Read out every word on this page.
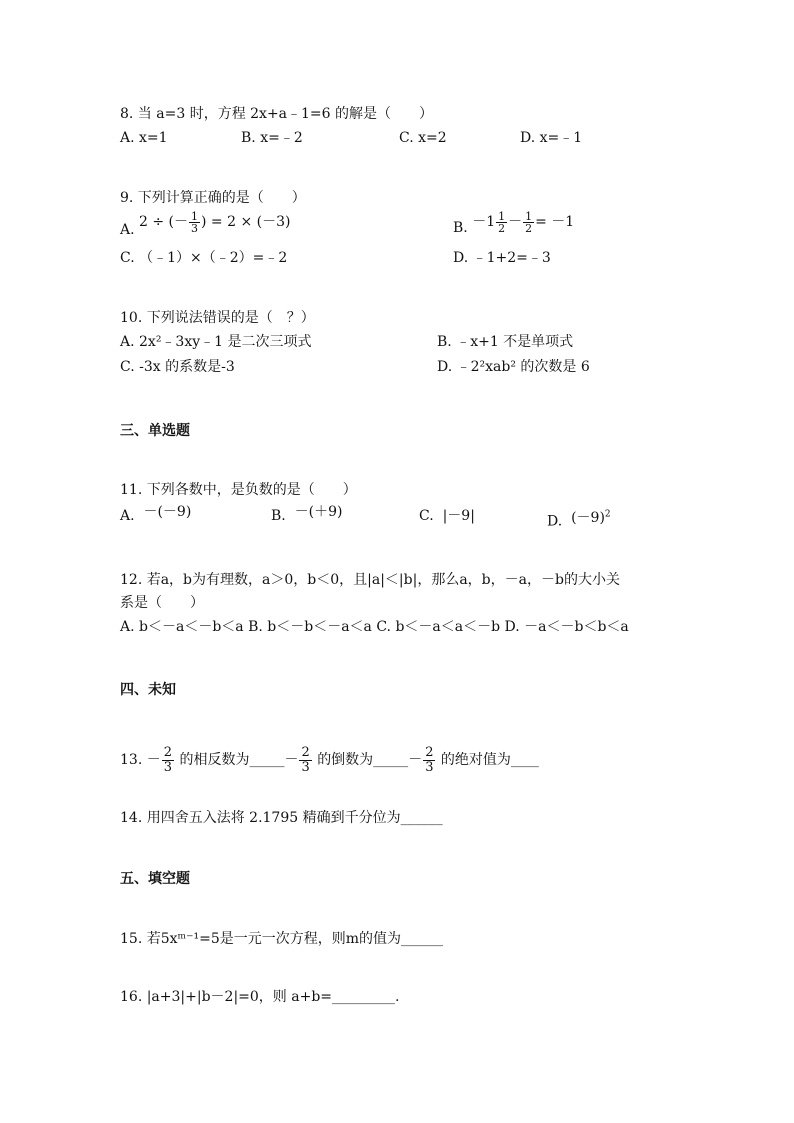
8. 当 a=3 时，方程 2x+a﹣1=6 的解是（　　）
A. x=1	B. x=﹣2	C. x=2	D. x=﹣1
9. 下列计算正确的是（　　）
A. 2 ÷ (－ $\frac{1}{3}$ ) = 2 × (－3)	B. $-1 \frac{1}{2} - \frac{1}{2} = -1$
C. （﹣1）×（﹣2）=﹣2	D. ﹣1+2=﹣3
10. 下列说法错误的是（　？）
A. 2x²﹣3xy﹣1 是二次三项式	B. ﹣x+1 不是单项式
C. -3x 的系数是-3	D. ﹣2²xab² 的次数是 6
三、单选题
11. 下列各数中，是负数的是（　　）
A.  －(－9)	B.  －(＋9)	C.  |－9|	D.  $(-9)^2$
12. 若a，b为有理数，a＞0，b＜0，且|a|＜|b|，那么a，b，－a，－b的大小关
系是（　　）
A. b＜－a＜－b＜a B. b＜－b＜－a＜a C. b＜－a＜a＜－b D. －a＜－b＜b＜a
四、未知
13. － $\frac{2}{3}$ 的相反数为_____－ $\frac{2}{3}$ 的倒数为_____－ $\frac{2}{3}$ 的绝对值为____
14. 用四舍五入法将 2.1795 精确到千分位为______
五、填空题
15. 若5xᵐ⁻¹=5是一元一次方程，则m的值为______
16. |a+3|+|b－2|=0，则 a+b=_________.
